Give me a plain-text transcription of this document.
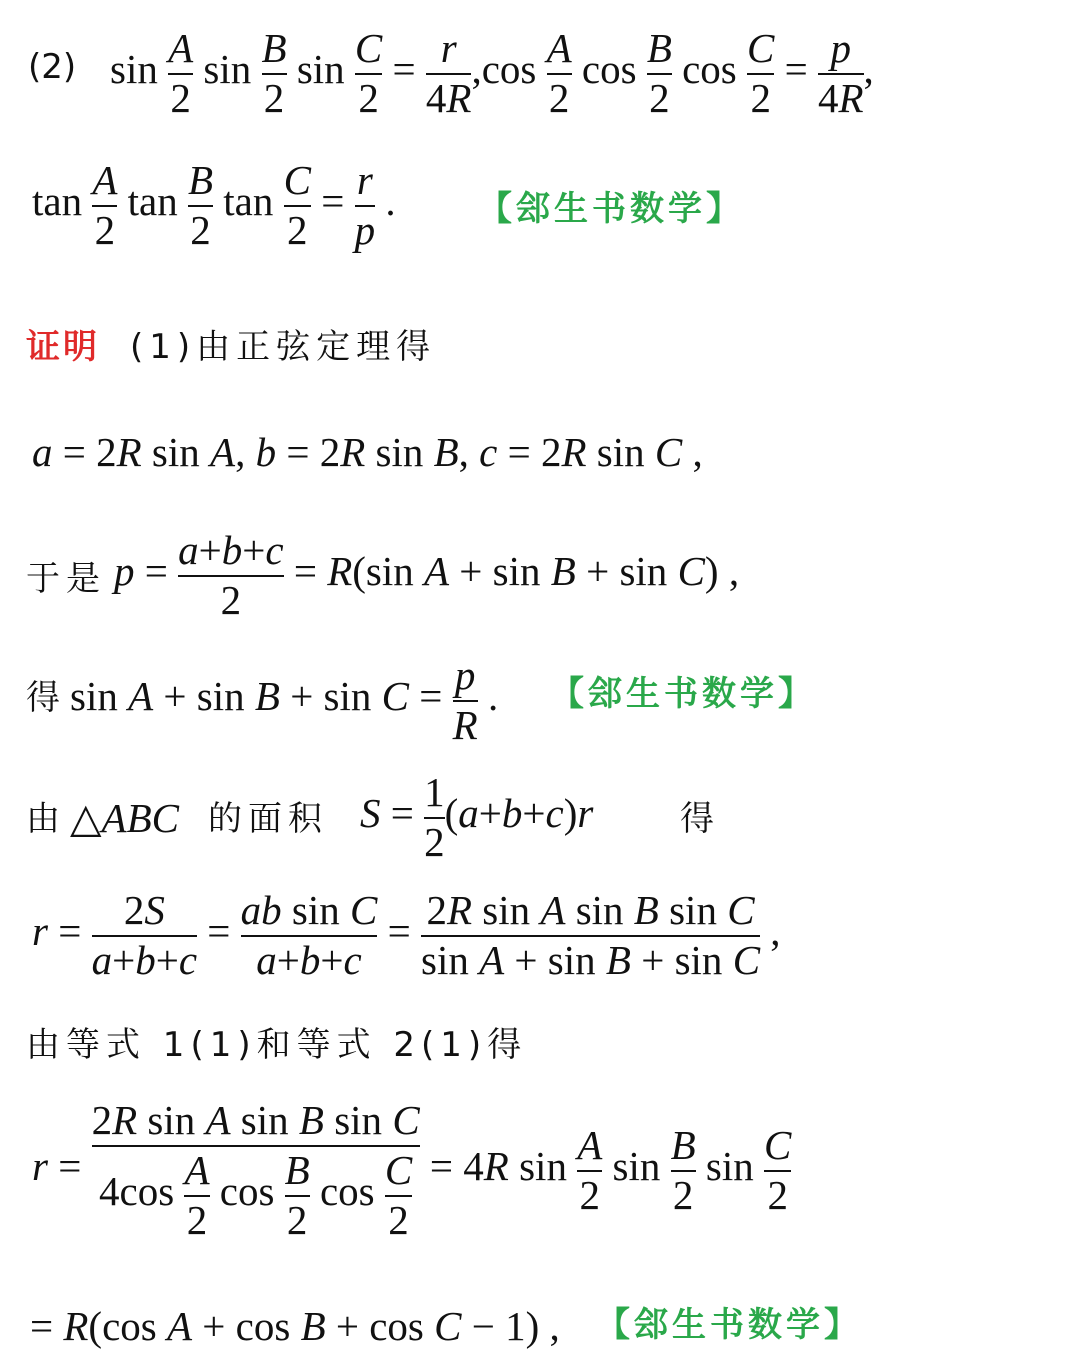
(2) $\sin \frac{A}{2}$ $\sin \frac{B}{2}$ $\sin \frac{C}{2} = \frac{r}{4R} ,\cos \frac{A}{2}$ $\cos \frac{B}{2}$ $\cos \frac{C}{2} = \frac{p}{4R}$ ,
$\tan \frac{A}{2}$ $\tan \frac{B}{2}$ $\tan \frac{C}{2} = \frac{r}{p}$ . 【郐生书数学】
证明 (1)由正弦定理得
a = 2R sin A, b = 2R sin B, c = 2R sin C ,
于是 $p = \frac{a+b+c}{2} = R(\sin$ A + sin B + sin C) ,
得 $\sin A + \sin B + \sin C = \frac{p}{R}$ . 【郐生书数学】
由 △ABC 的面积 $S = \frac{1}{2} (a+b+c)r$	得
$r = \frac{2S}{a+b+c} = \frac{\text{ab sin C}}{a+b+c} = \frac{\text{2R sin A sin B sin C}}{\text{sin A + sin B + sin C}}$ ,
由等式 1(1)和等式 2(1)得
$r = \frac{\text{2R sin A sin B sin C}}{4\cos \frac{A}{2} \cos \frac{B}{2} \cos \frac{C}{2}} = 4R$ $\sin \frac{A}{2}$ $\sin \frac{B}{2}$ $\sin \frac{C}{2}$
= R(cos A + cos B + cos C − 1) , 【郐生书数学】
